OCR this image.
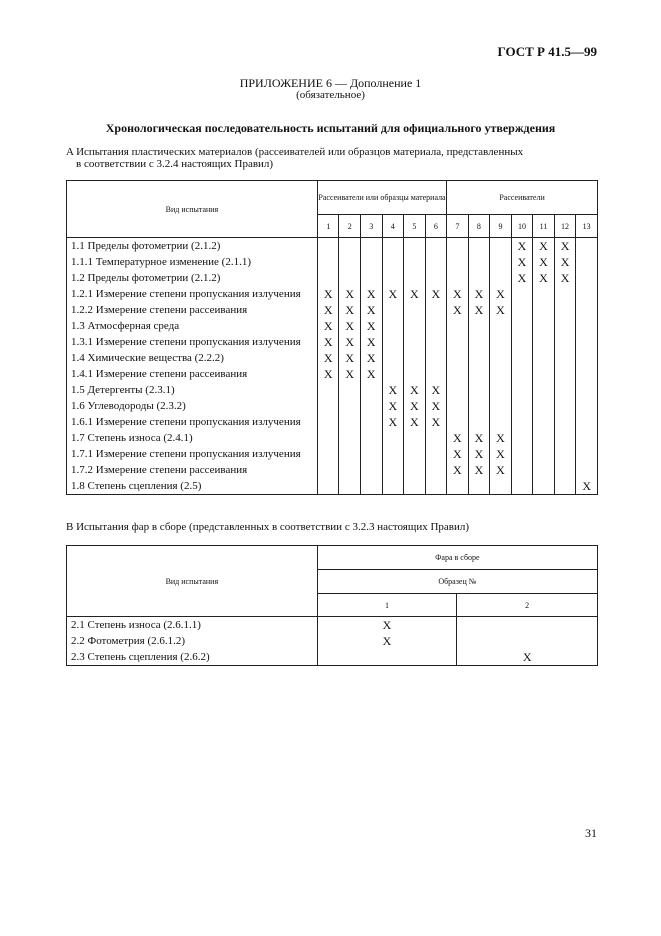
ГОСТ Р 41.5—99
ПРИЛОЖЕНИЕ 6 — Дополнение 1
(обязательное)
Хронологическая последовательность испытаний для официального утверждения
A Испытания пластических материалов (рассеивателей или образцов материала, представленных
в соответствии с 3.2.4 настоящих Правил)
Вид испытания	Рассеиватели или образцы материала						Рассеиватели						
	1	2	3	4	5	6	7	8	9	10	11	12	13
1.1 Пределы фотометрии (2.1.2)										X	X	X	
1.1.1 Температурное изменение (2.1.1)										X	X	X	
1.2 Пределы фотометрии (2.1.2)										X	X	X	
1.2.1 Измерение степени пропускания излучения	X	X	X	X	X	X	X	X	X				
1.2.2 Измерение степени рассеивания	X	X	X				X	X	X				
1.3 Атмосферная среда	X	X	X										
1.3.1 Измерение степени пропускания излучения	X	X	X										
1.4 Химические вещества (2.2.2)	X	X	X										
1.4.1 Измерение степени рассеивания	X	X	X										
1.5 Детергенты (2.3.1)				X	X	X							
1.6 Углеводороды (2.3.2)				X	X	X							
1.6.1 Измерение степени пропускания излучения				X	X	X							
1.7 Степень износа (2.4.1)							X	X	X				
1.7.1 Измерение степени пропускания излучения							X	X	X				
1.7.2 Измерение степени рассеивания							X	X	X				
1.8 Степень сцепления (2.5)													X
B Испытания фар в сборе (представленных в соответствии с 3.2.3 настоящих Правил)
Вид испытания	Фара в сборе	
	Образец №	
	1	2
2.1 Степень износа (2.6.1.1)	X	
2.2 Фотометрия (2.6.1.2)	X	
2.3 Степень сцепления (2.6.2)		X
31
